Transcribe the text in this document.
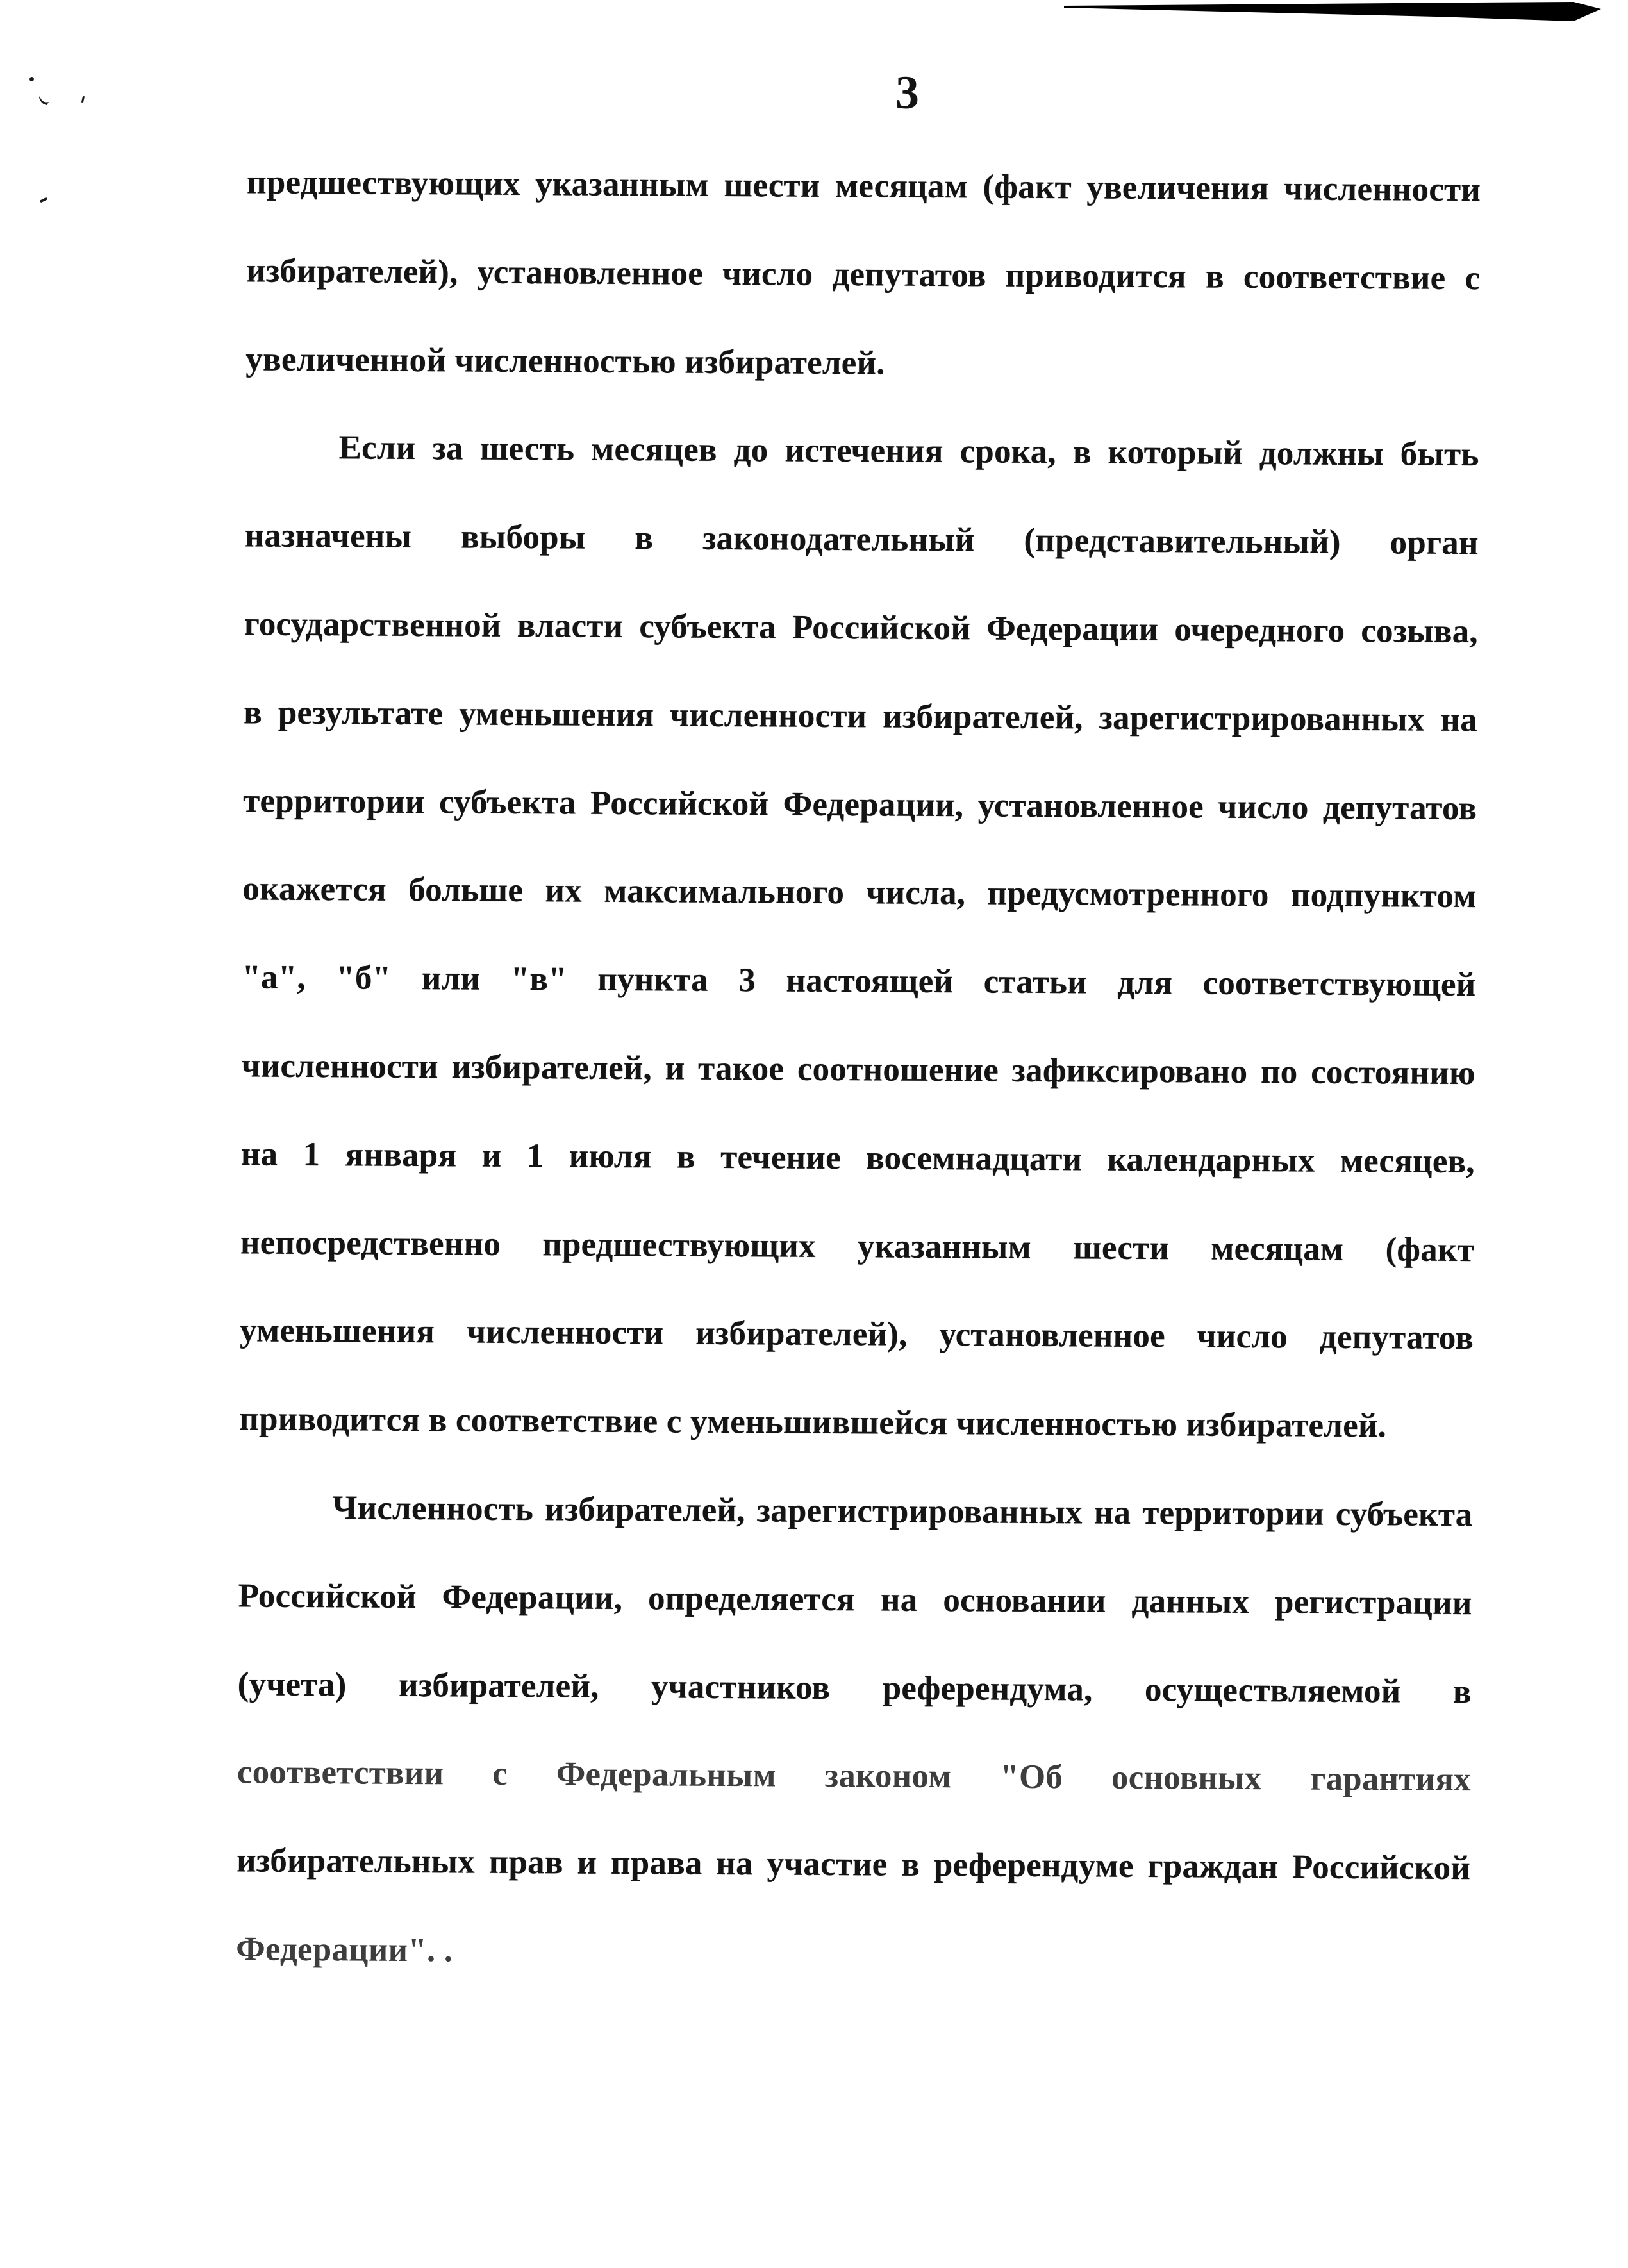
3
предшествующих указанным шести месяцам (факт увеличения численности
избирателей), установленное число депутатов приводится в соответствие с
увеличенной численностью избирателей.
Если за шесть месяцев до истечения срока, в который должны быть
назначены выборы в законодательный (представительный) орган
государственной власти субъекта Российской Федерации очередного созыва,
в результате уменьшения численности избирателей, зарегистрированных на
территории субъекта Российской Федерации, установленное число депутатов
окажется больше их максимального числа, предусмотренного подпунктом
"а", "б" или "в" пункта 3 настоящей статьи для соответствующей
численности избирателей, и такое соотношение зафиксировано по состоянию
на 1 января и 1 июля в течение восемнадцати календарных месяцев,
непосредственно предшествующих указанным шести месяцам (факт
уменьшения численности избирателей), установленное число депутатов
приводится в соответствие с уменьшившейся численностью избирателей.
Численность избирателей, зарегистрированных на территории субъекта
Российской Федерации, определяется на основании данных регистрации
(учета) избирателей, участников референдума, осуществляемой в
соответствии с Федеральным законом "Об основных гарантиях
избирательных прав и права на участие в референдуме граждан Российской
Федерации". .
